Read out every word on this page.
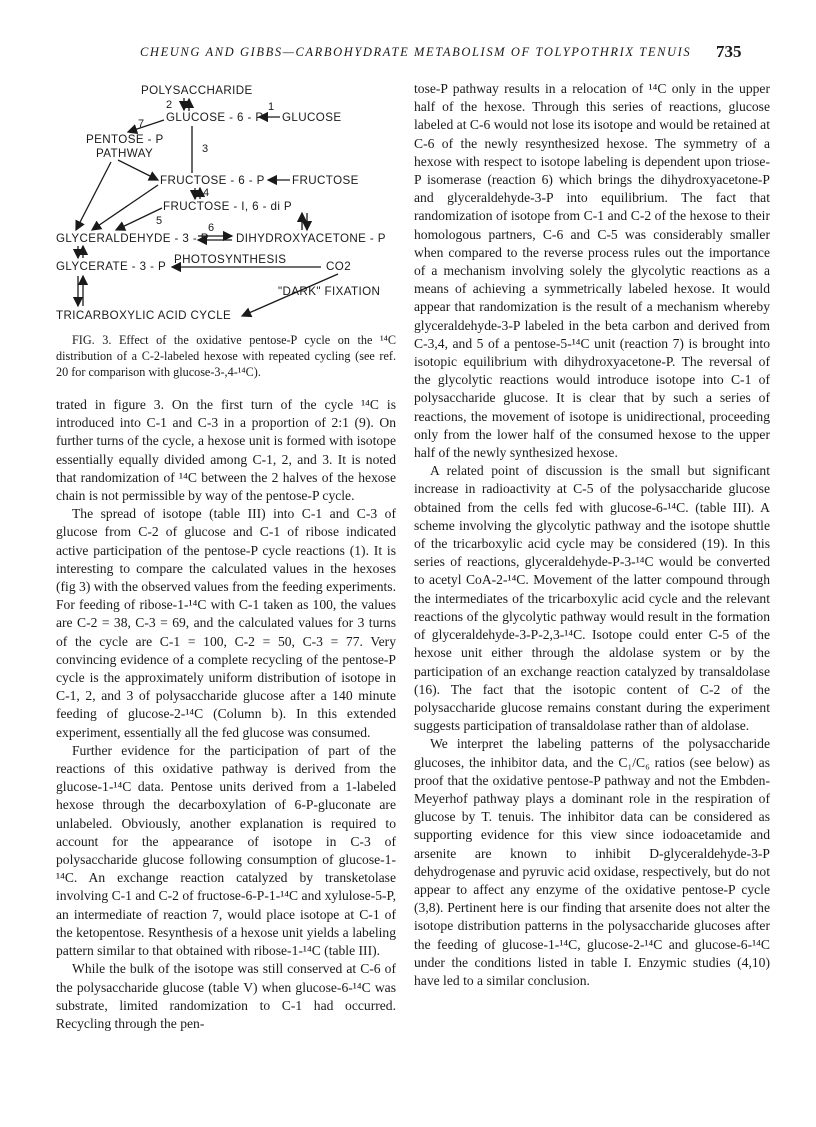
CHEUNG AND GIBBS—CARBOHYDRATE METABOLISM OF TOLYPOTHRIX TENUIS	735
POLYSACCHARIDE
GLUCOSE - 6 - P GLUCOSE
PENTOSE - P
PATHWAY
FRUCTOSE - 6 - P FRUCTOSE
FRUCTOSE - I, 6 - di P
GLYCERALDEHYDE - 3 - P DIHYDROXYACETONE - P
GLYCERATE - 3 - P
PHOTOSYNTHESIS
CO2
"DARK" FIXATION
TRICARBOXYLIC ACID CYCLE
1
2
3
4
5
6
7

FIG. 3. Effect of the oxidative pentose-P cycle on the ¹⁴C distribution of a C-2-labeled hexose with repeated cycling (see ref. 20 for comparison with glucose-3-,4-¹⁴C).

trated in figure 3. On the first turn of the cycle ¹⁴C is introduced into C-1 and C-3 in a proportion of 2:1 (9). On further turns of the cycle, a hexose unit is formed with isotope essentially equally divided among C-1, 2, and 3. It is noted that randomization of ¹⁴C between the 2 halves of the hexose chain is not permissible by way of the pentose-P cycle.

The spread of isotope (table III) into C-1 and C-3 of glucose from C-2 of glucose and C-1 of ribose indicated active participation of the pentose-P cycle reactions (1). It is interesting to compare the calculated values in the hexoses (fig 3) with the observed values from the feeding experiments. For feeding of ribose-1-¹⁴C with C-1 taken as 100, the values are C-2 = 38, C-3 = 69, and the calculated values for 3 turns of the cycle are C-1 = 100, C-2 = 50, C-3 = 77. Very convincing evidence of a complete recycling of the pentose-P cycle is the approximately uniform distribution of isotope in C-1, 2, and 3 of polysaccharide glucose after a 140 minute feeding of glucose-2-¹⁴C (Column b). In this extended experiment, essentially all the fed glucose was consumed.

Further evidence for the participation of part of the reactions of this oxidative pathway is derived from the glucose-1-¹⁴C data. Pentose units derived from a 1-labeled hexose through the decarboxylation of 6-P-gluconate are unlabeled. Obviously, another explanation is required to account for the appearance of isotope in C-3 of polysaccharide glucose following consumption of glucose-1-¹⁴C. An exchange reaction catalyzed by transketolase involving C-1 and C-2 of fructose-6-P-1-¹⁴C and xylulose-5-P, an intermediate of reaction 7, would place isotope at C-1 of the ketopentose. Resynthesis of a hexose unit yields a labeling pattern similar to that obtained with ribose-1-¹⁴C (table III).

While the bulk of the isotope was still conserved at C-6 of the polysaccharide glucose (table V) when glucose-6-¹⁴C was substrate, limited randomization to C-1 had occurred. Recycling through the pen-

tose-P pathway results in a relocation of ¹⁴C only in the upper half of the hexose. Through this series of reactions, glucose labeled at C-6 would not lose its isotope and would be retained at C-6 of the newly resynthesized hexose. The symmetry of a hexose with respect to isotope labeling is dependent upon triose-P isomerase (reaction 6) which brings the dihydroxyacetone-P and glyceraldehyde-3-P into equilibrium. The fact that randomization of isotope from C-1 and C-2 of the hexose to their homologous partners, C-6 and C-5 was considerably smaller when compared to the reverse process rules out the importance of a mechanism involving solely the glycolytic reactions as a means of achieving a symmetrically labeled hexose. It would appear that randomization is the result of a mechanism whereby glyceraldehyde-3-P labeled in the beta carbon and derived from C-3,4, and 5 of a pentose-5-¹⁴C unit (reaction 7) is brought into isotopic equilibrium with dihydroxyacetone-P. The reversal of the glycolytic reactions would introduce isotope into C-1 of polysaccharide glucose. It is clear that by such a series of reactions, the movement of isotope is unidirectional, proceeding only from the lower half of the consumed hexose to the upper half of the newly synthesized hexose.

A related point of discussion is the small but significant increase in radioactivity at C-5 of the polysaccharide glucose obtained from the cells fed with glucose-6-¹⁴C. (table III). A scheme involving the glycolytic pathway and the isotope shuttle of the tricarboxylic acid cycle may be considered (19). In this series of reactions, glyceraldehyde-P-3-¹⁴C would be converted to acetyl CoA-2-¹⁴C. Movement of the latter compound through the intermediates of the tricarboxylic acid cycle and the relevant reactions of the glycolytic pathway would result in the formation of glyceraldehyde-3-P-2,3-¹⁴C. Isotope could enter C-5 of the hexose unit either through the aldolase system or by the participation of an exchange reaction catalyzed by transaldolase (16). The fact that the isotopic content of C-2 of the polysaccharide glucose remains constant during the experiment suggests participation of transaldolase rather than of aldolase.

We interpret the labeling patterns of the polysaccharide glucoses, the inhibitor data, and the C₁/C₆ ratios (see below) as proof that the oxidative pentose-P pathway and not the Embden-Meyerhof pathway plays a dominant role in the respiration of glucose by T. tenuis. The inhibitor data can be considered as supporting evidence for this view since iodoacetamide and arsenite are known to inhibit D-glyceraldehyde-3-P dehydrogenase and pyruvic acid oxidase, respectively, but do not appear to affect any enzyme of the oxidative pentose-P cycle (3,8). Pertinent here is our finding that arsenite does not alter the isotope distribution patterns in the polysaccharide glucoses after the feeding of glucose-1-¹⁴C, glucose-2-¹⁴C and glucose-6-¹⁴C under the conditions listed in table I. Enzymic studies (4,10) have led to a similar conclusion.
